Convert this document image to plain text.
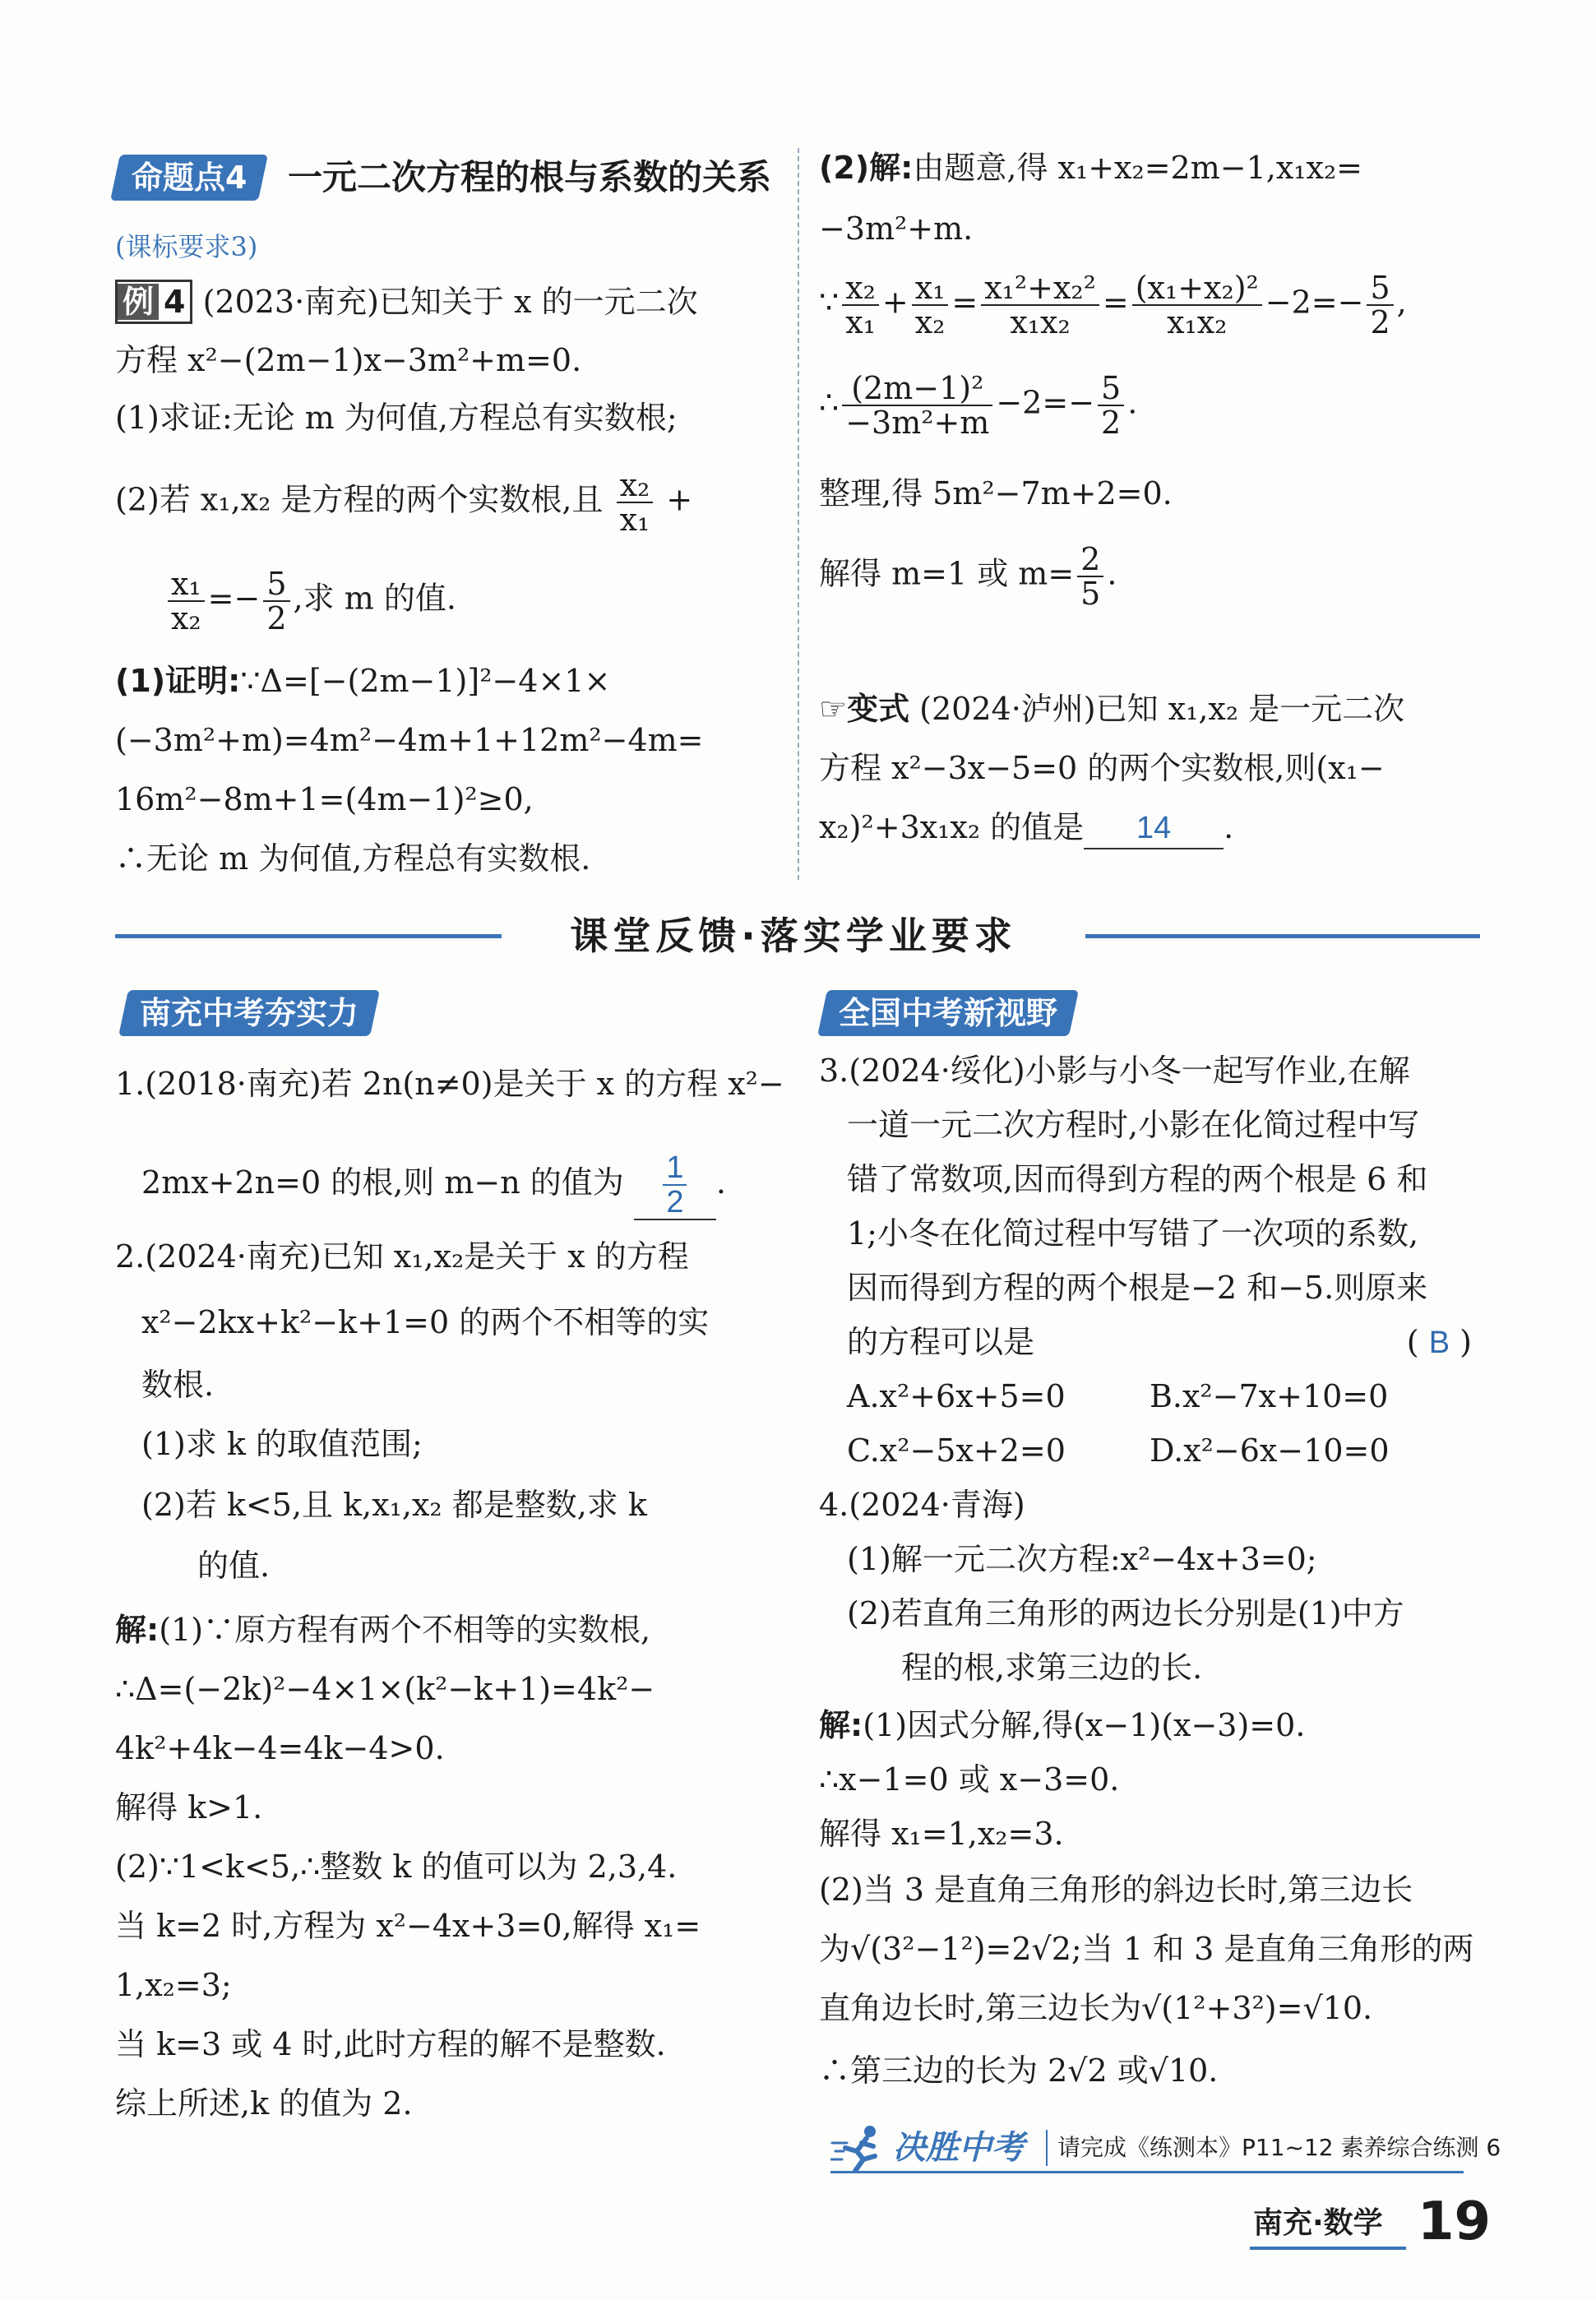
命题点4	一元二次方程的根与系数的关系
(课标要求3)
例 4 (2023·南充)已知关于 x 的一元二次
方程 x²−(2m−1)x−3m²+m=0.
(1)求证:无论 m 为何值,方程总有实数根;
(2)若 x₁,x₂ 是方程的两个实数根,且 $\frac{\text{x₂}}{\text{x₁}}$ +
$\frac{\text{x₁}}{\text{x₂}} =- \frac{5}{2}$ ,求 m 的值.
(1)证明:∵Δ=[−(2m−1)]²−4×1×
(−3m²+m)=4m²−4m+1+12m²−4m=
16m²−8m+1=(4m−1)²≥0,
∴无论 m 为何值,方程总有实数根.
(2)解:由题意,得 x₁+x₂=2m−1,x₁x₂=
−3m²+m.
∵ $\frac{\text{x₂}}{\text{x₁}} + \frac{\text{x₁}}{\text{x₂}} = \frac{\text{x₁²+x₂²}}{\text{x₁x₂}} = \frac{\text{(x₁+x₂)²}}{\text{x₁x₂}} -2=- \frac{5}{2}$ ,
∴ $\frac{\text{(2m−1)²}}{\text{−3m²+m}} -2=- \frac{5}{2}$ .
整理,得 5m²−7m+2=0.
解得 m=1 或 $m= \frac{2}{5}$ .
☞变式 (2024·泸州)已知 x₁,x₂ 是一元二次
方程 x²−3x−5=0 的两个实数根,则(x₁−
x₂)²+3x₁x₂ 的值是 14 .
课堂反馈·落实学业要求
南充中考夯实力
1.(2018·南充)若 2n(n≠0)是关于 x 的方程 x²−
2mx+2n=0 的根,则 m−n 的值为 $\frac{1}{2}$ .
2.(2024·南充)已知 x₁,x₂是关于 x 的方程
x²−2kx+k²−k+1=0 的两个不相等的实
数根.
(1)求 k 的取值范围;
(2)若 k<5,且 k,x₁,x₂ 都是整数,求 k
的值.
解:(1)∵原方程有两个不相等的实数根,
∴Δ=(−2k)²−4×1×(k²−k+1)=4k²−
4k²+4k−4=4k−4>0.
解得 k>1.
(2)∵1<k<5,∴整数 k 的值可以为 2,3,4.
当 k=2 时,方程为 x²−4x+3=0,解得 x₁=
1,x₂=3;
当 k=3 或 4 时,此时方程的解不是整数.
综上所述,k 的值为 2.
全国中考新视野
3.(2024·绥化)小影与小冬一起写作业,在解
一道一元二次方程时,小影在化简过程中写
错了常数项,因而得到方程的两个根是 6 和
1;小冬在化简过程中写错了一次项的系数,
因而得到方程的两个根是−2 和−5.则原来
的方程可以是	( B )
A.x²+6x+5=0	B.x²−7x+10=0
C.x²−5x+2=0	D.x²−6x−10=0
4.(2024·青海)
(1)解一元二次方程:x²−4x+3=0;
(2)若直角三角形的两边长分别是(1)中方
程的根,求第三边的长.
解:(1)因式分解,得(x−1)(x−3)=0.
∴x−1=0 或 x−3=0.
解得 x₁=1,x₂=3.
(2)当 3 是直角三角形的斜边长时,第三边长
为√(3²−1²)=2√2;当 1 和 3 是直角三角形的两
直角边长时,第三边长为√(1²+3²)=√10.
∴第三边的长为 2√2 或√10.
决胜中考 请完成《练测本》P11~12 素养综合练测 6
南充·数学 19
